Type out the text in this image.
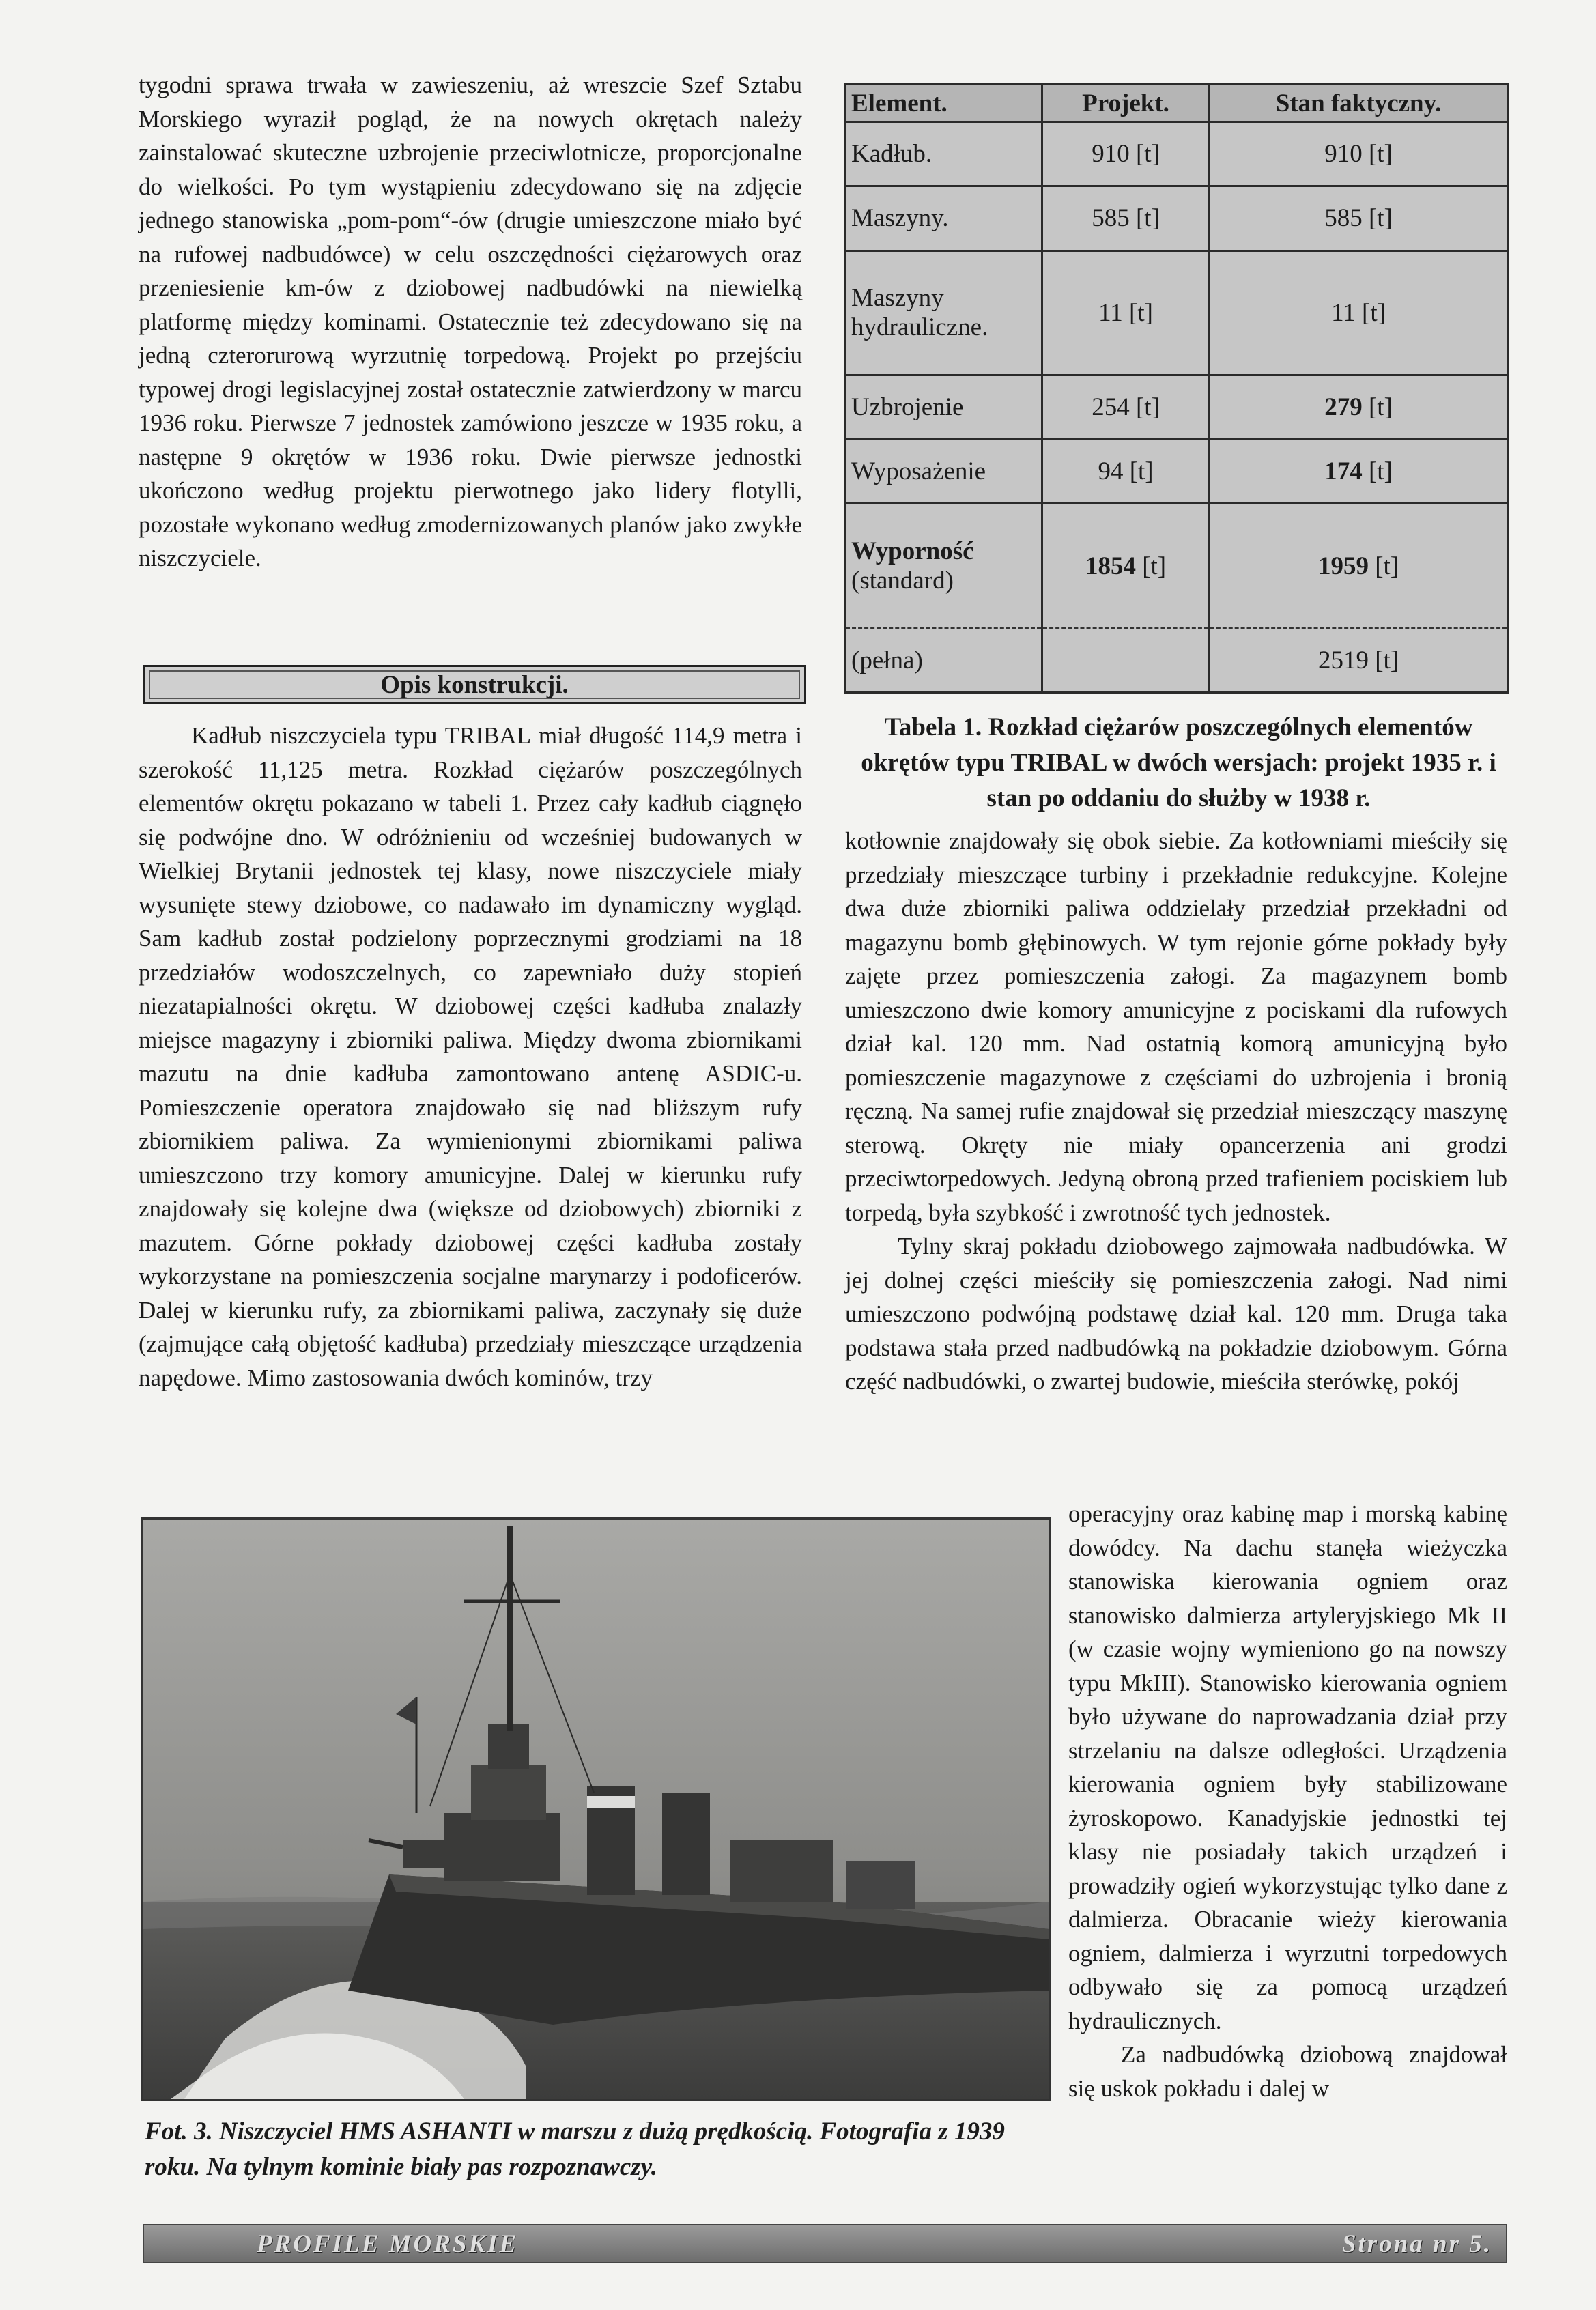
tygodni sprawa trwała w zawieszeniu, aż wreszcie Szef Sztabu Morskiego wyraził pogląd, że na nowych okrętach należy zainstalować skuteczne uzbrojenie przeciwlotnicze, proporcjonalne do wielkości. Po tym wystąpieniu zdecydowano się na zdjęcie jednego stanowiska „pom-pom“-ów (drugie umieszczone miało być na rufowej nadbudówce) w celu oszczędności ciężarowych oraz przeniesienie km-ów z dziobowej nadbudówki na niewielką platformę między kominami. Ostatecznie też zdecydowano się na jedną czterorurową wyrzutnię torpedową. Projekt po przejściu typowej drogi legislacyjnej został ostatecznie zatwierdzony w marcu 1936 roku. Pierwsze 7 jednostek zamówiono jeszcze w 1935 roku, a następne 9 okrętów w 1936 roku. Dwie pierwsze jednostki ukończono według projektu pierwotnego jako lidery flotylli, pozostałe wykonano według zmodernizowanych planów jako zwykłe niszczyciele.

Opis konstrukcji.

Kadłub niszczyciela typu TRIBAL miał długość 114,9 metra i szerokość 11,125 metra. Rozkład ciężarów poszczególnych elementów okrętu pokazano w tabeli 1. Przez cały kadłub ciągnęło się podwójne dno. W odróżnieniu od wcześniej budowanych w Wielkiej Brytanii jednostek tej klasy, nowe niszczyciele miały wysunięte stewy dziobowe, co nadawało im dynamiczny wygląd. Sam kadłub został podzielony poprzecznymi grodziami na 18 przedziałów wodoszczelnych, co zapewniało duży stopień niezatapialności okrętu. W dziobowej części kadłuba znalazły miejsce magazyny i zbiorniki paliwa. Między dwoma zbiornikami mazutu na dnie kadłuba zamontowano antenę ASDIC-u. Pomieszczenie operatora znajdowało się nad bliższym rufy zbiornikiem paliwa. Za wymienionymi zbiornikami paliwa umieszczono trzy komory amunicyjne. Dalej w kierunku rufy znajdowały się kolejne dwa (większe od dziobowych) zbiorniki z mazutem. Górne pokłady dziobowej części kadłuba zostały wykorzystane na pomieszczenia socjalne marynarzy i podoficerów. Dalej w kierunku rufy, za zbiornikami paliwa, zaczynały się duże (zajmujące całą objętość kadłuba) przedziały mieszczące urządzenia napędowe. Mimo zastosowania dwóch kominów, trzy

Element.	Projekt.	Stan faktyczny.
Kadłub.	910 [t]	910 [t]
Maszyny.	585 [t]	585 [t]
Maszyny hydrauliczne.	11 [t]	11 [t]
Uzbrojenie	254 [t]	279 [t]
Wyposażenie	94 [t]	174 [t]
Wyporność
(standard)	1854 [t]	1959 [t]
(pełna)		2519 [t]

Tabela 1. Rozkład ciężarów poszczególnych elementów okrętów typu TRIBAL w dwóch wersjach: projekt 1935 r. i stan po oddaniu do służby w 1938 r.

kotłownie znajdowały się obok siebie. Za kotłowniami mieściły się przedziały mieszczące turbiny i przekładnie redukcyjne. Kolejne dwa duże zbiorniki paliwa oddzielały przedział przekładni od magazynu bomb głębinowych. W tym rejonie górne pokłady były zajęte przez pomieszczenia załogi. Za magazynem bomb umieszczono dwie komory amunicyjne z pociskami dla rufowych dział kal. 120 mm. Nad ostatnią komorą amunicyjną było pomieszczenie magazynowe z częściami do uzbrojenia i bronią ręczną. Na samej rufie znajdował się przedział mieszczący maszynę sterową. Okręty nie miały opancerzenia ani grodzi przeciwtorpedowych. Jedyną obroną przed trafieniem pociskiem lub torpedą, była szybkość i zwrotność tych jednostek.

Tylny skraj pokładu dziobowego zajmowała nadbudówka. W jej dolnej części mieściły się pomieszczenia załogi. Nad nimi umieszczono podwójną podstawę dział kal. 120 mm. Druga taka podstawa stała przed nadbudówką na pokładzie dziobowym. Górna część nadbudówki, o zwartej budowie, mieściła sterówkę, pokój

operacyjny oraz kabinę map i morską kabinę dowódcy. Na dachu stanęła wieżyczka stanowiska kierowania ogniem oraz stanowisko dalmierza artyleryjskiego Mk II (w czasie wojny wymieniono go na nowszy typu MkIII). Stanowisko kierowania ogniem było używane do naprowadzania dział przy strzelaniu na dalsze odległości. Urządzenia kierowania ogniem były stabilizowane żyroskopowo. Kanadyjskie jednostki tej klasy nie posiadały takich urządzeń i prowadziły ogień wykorzystując tylko dane z dalmierza. Obracanie wieży kierowania ogniem, dalmierza i wyrzutni torpedowych odbywało się za pomocą urządzeń hydraulicznych.

Za nadbudówką dziobową znajdował się uskok pokładu i dalej w

Fot. 3. Niszczyciel HMS ASHANTI w marszu z dużą prędkością. Fotografia z 1939 roku. Na tylnym kominie biały pas rozpoznawczy.

PROFILE MORSKIE	Strona nr 5.
